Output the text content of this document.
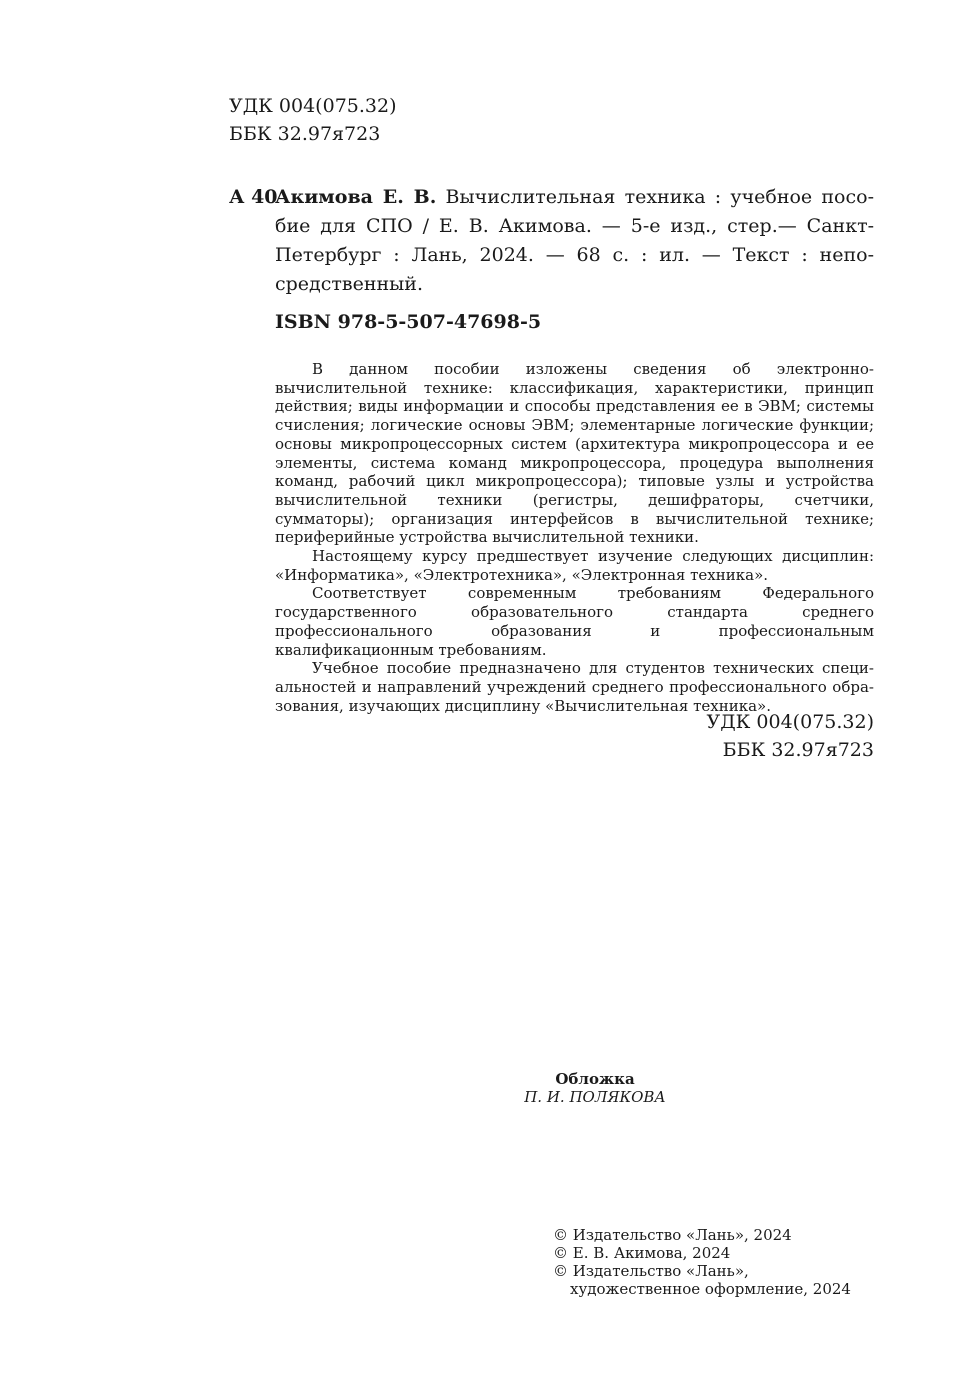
УДК 004(075.32)
ББК 32.97я723
А 40
Акимова Е. В. Вычислительная техника : учебное пособие для СПО / Е. В. Акимова. — 5-е изд., стер.— Санкт-Петербург : Лань, 2024. — 68 с. : ил. — Текст : непосредственный.
ISBN 978-5-507-47698-5

В данном пособии изложены сведения об электронно-вычислительной технике: классификация, характеристики, принцип действия; виды информации и способы представления ее в ЭВМ; системы счисления; логические основы ЭВМ; элементарные логические функции; основы микропроцессорных систем (архитектура микропроцессора и ее элементы, система команд микропроцессора, процедура выполнения команд, рабочий цикл микропроцессора); типовые узлы и устройства вычислительной техники (регистры, дешифраторы, счетчики, сумматоры); организация интерфейсов в вычислительной технике; периферийные устройства вычислительной техники.

Настоящему курсу предшествует изучение следующих дисциплин: «Информатика», «Электротехника», «Электронная техника».

Соответствует современным требованиям Федерального государственного образовательного стандарта среднего профессионального образования и профессиональным квалификационным требованиям.

Учебное пособие предназначено для студентов технических специальностей и направлений учреждений среднего профессионального образования, изучающих дисциплину «Вычислительная техника».

УДК 004(075.32)
ББК 32.97я723
Обложка
П. И. ПОЛЯКОВА
© Издательство «Лань», 2024
© Е. В. Акимова, 2024
© Издательство «Лань»,
художественное оформление, 2024
